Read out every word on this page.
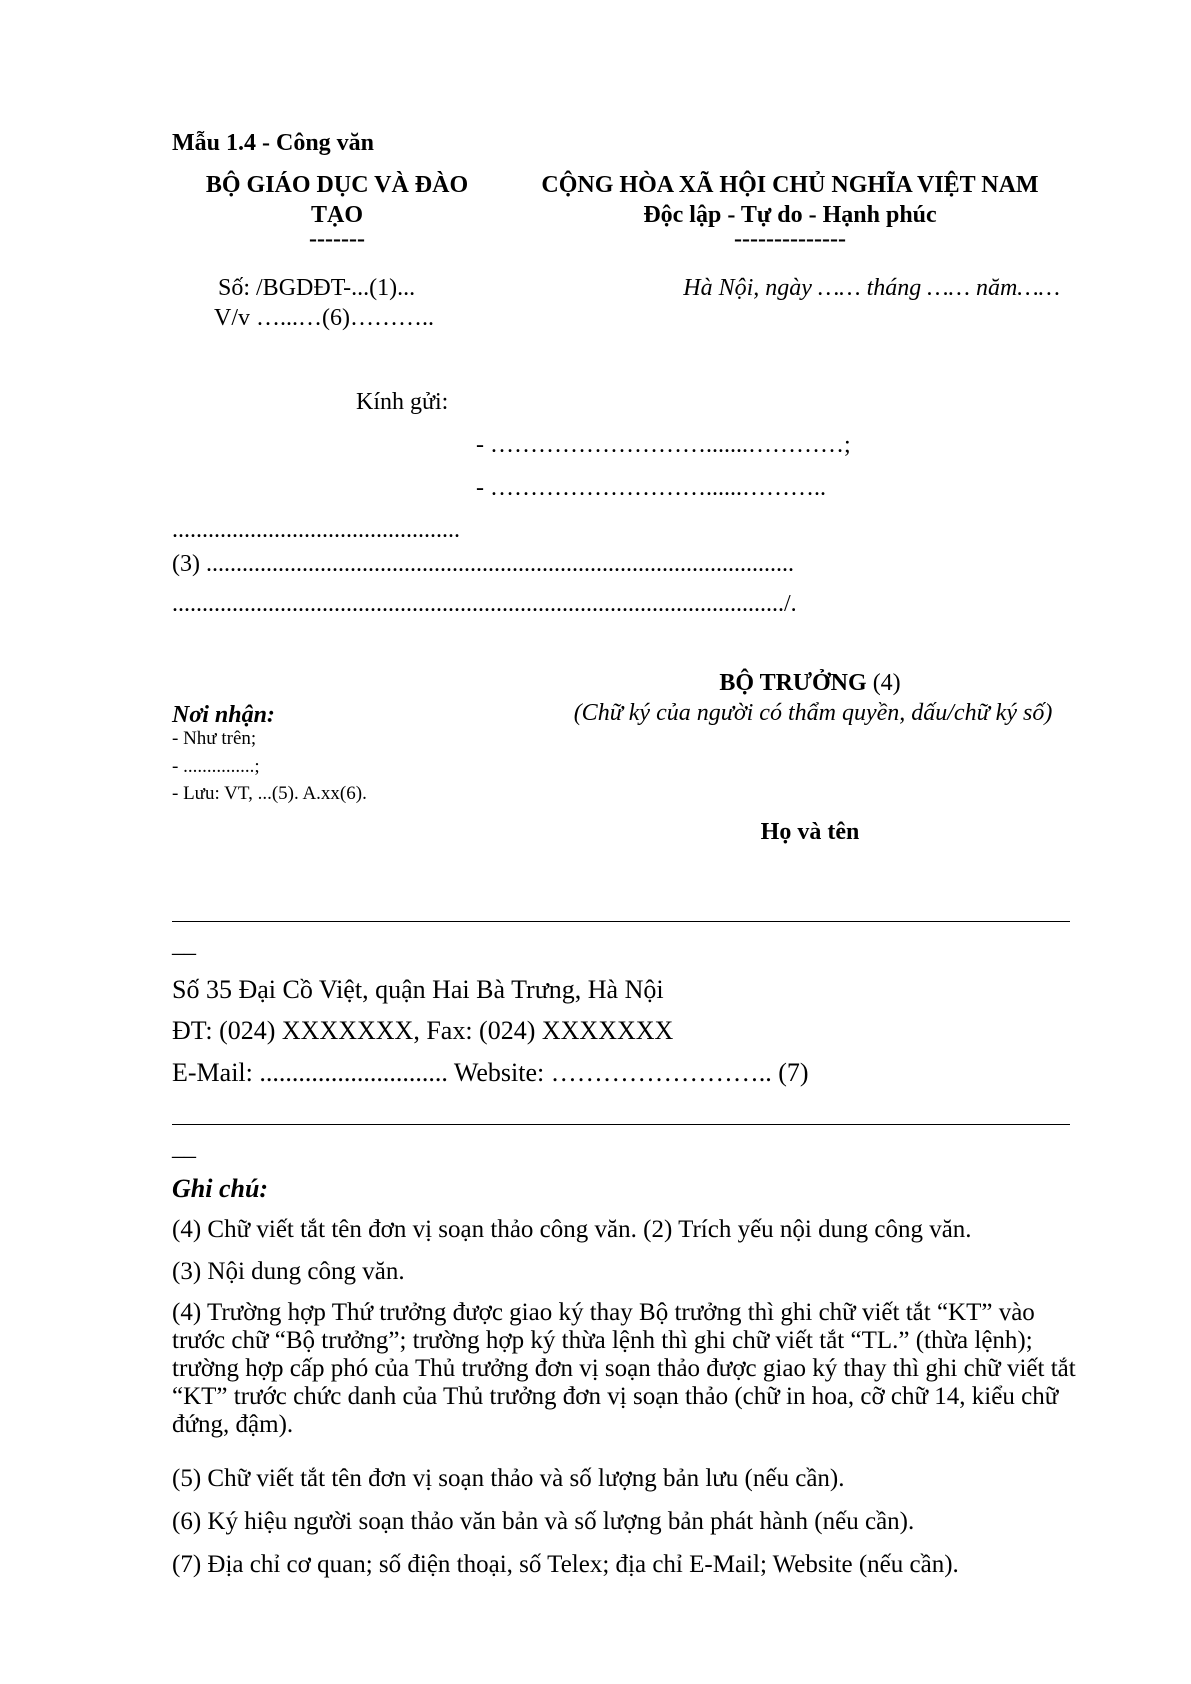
Mẫu 1.4 - Công văn
BỘ GIÁO DỤC VÀ ĐÀO
TẠO
-------
CỘNG HÒA XÃ HỘI CHỦ NGHĨA VIỆT NAM
Độc lập - Tự do - Hạnh phúc
--------------
Số: /BGDĐT-...(1)...
V/v …...…(6)………..
Hà Nội, ngày …… tháng …… năm……
Kính gửi:
- ……………………….......…………;
- ………………………......………..
................................................
(3) ..................................................................................................
....................................................................................................../.
BỘ TRƯỞNG (4)
(Chữ ký của người có thẩm quyền, dấu/chữ ký số)
Họ và tên
Nơi nhận:
- Như trên;
- ...............;
- Lưu: VT, ...(5). A.xx(6).
__
Số 35 Đại Cồ Việt, quận Hai Bà Trưng, Hà Nội
ĐT: (024) XXXXXXX, Fax: (024) XXXXXXX
E-Mail: ............................. Website: …………………….. (7)
__
Ghi chú:
(4) Chữ viết tắt tên đơn vị soạn thảo công văn. (2) Trích yếu nội dung công văn.
(3) Nội dung công văn.
(4) Trường hợp Thứ trưởng được giao ký thay Bộ trưởng thì ghi chữ viết tắt “KT” vào trước chữ “Bộ trưởng”; trường hợp ký thừa lệnh thì ghi chữ viết tắt “TL.” (thừa lệnh); trường hợp cấp phó của Thủ trưởng đơn vị soạn thảo được giao ký thay thì ghi chữ viết tắt “KT” trước chức danh của Thủ trưởng đơn vị soạn thảo (chữ in hoa, cỡ chữ 14, kiểu chữ đứng, đậm).
(5) Chữ viết tắt tên đơn vị soạn thảo và số lượng bản lưu (nếu cần).
(6) Ký hiệu người soạn thảo văn bản và số lượng bản phát hành (nếu cần).
(7) Địa chỉ cơ quan; số điện thoại, số Telex; địa chỉ E-Mail; Website (nếu cần).
